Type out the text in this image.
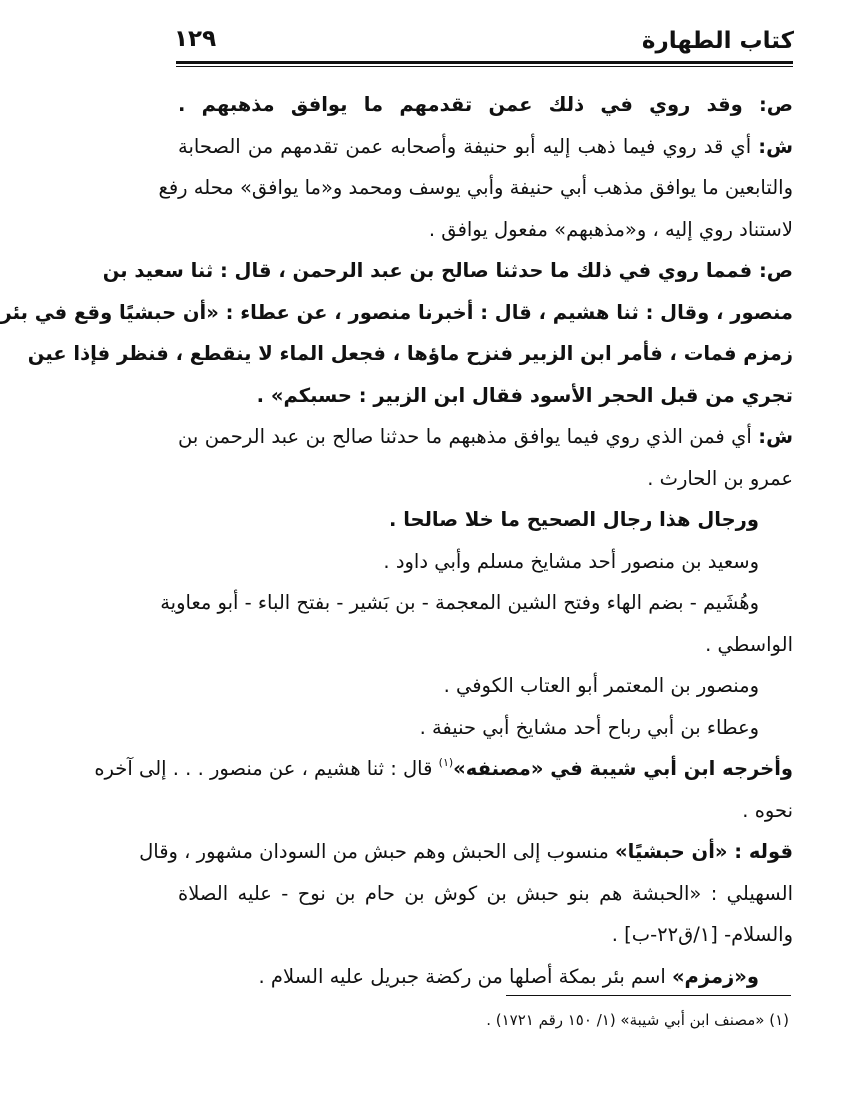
كتاب الطهارة
١٢٩
ص: وقد روي في ذلك عمن تقدمهم ما يوافق مذهبهم .
ش: أي قد روي فيما ذهب إليه أبو حنيفة وأصحابه عمن تقدمهم من الصحابة
والتابعين ما يوافق مذهب أبي حنيفة وأبي يوسف ومحمد و«ما يوافق» محله رفع
لاستناد روي إليه ، و«مذهبهم» مفعول يوافق .
ص: فمما روي في ذلك ما حدثنا صالح بن عبد الرحمن ، قال : ثنا سعيد بن
منصور ، وقال : ثنا هشيم ، قال : أخبرنا منصور ، عن عطاء : «أن حبشيًا وقع في بئر
زمزم فمات ، فأمر ابن الزبير فنزح ماؤها ، فجعل الماء لا ينقطع ، فنظر فإذا عين
تجري من قبل الحجر الأسود فقال ابن الزبير : حسبكم» .
ش: أي فمن الذي روي فيما يوافق مذهبهم ما حدثنا صالح بن عبد الرحمن بن
عمرو بن الحارث .
ورجال هذا رجال الصحيح ما خلا صالحا .
وسعيد بن منصور أحد مشايخ مسلم وأبي داود .
وهُشَيم - بضم الهاء وفتح الشين المعجمة - بن بَشير - بفتح الباء - أبو معاوية
الواسطي .
ومنصور بن المعتمر أبو العتاب الكوفي .
وعطاء بن أبي رباح أحد مشايخ أبي حنيفة .
وأخرجه ابن أبي شيبة في «مصنفه»$^{(١)}$ قال : ثنا هشيم ، عن منصور . . . إلى آخره
نحوه .
قوله : «أن حبشيًا» منسوب إلى الحبش وهم حبش من السودان مشهور ، وقال
السهيلي : «الحبشة هم بنو حبش بن كوش بن حام بن نوح - عليه الصلاة
والسلام- [١/ق٢٢-ب] .
و«زمزم» اسم بئر بمكة أصلها من ركضة جبريل عليه السلام .
(١) «مصنف ابن أبي شيبة» (١/ ١٥٠ رقم ١٧٢١) .
